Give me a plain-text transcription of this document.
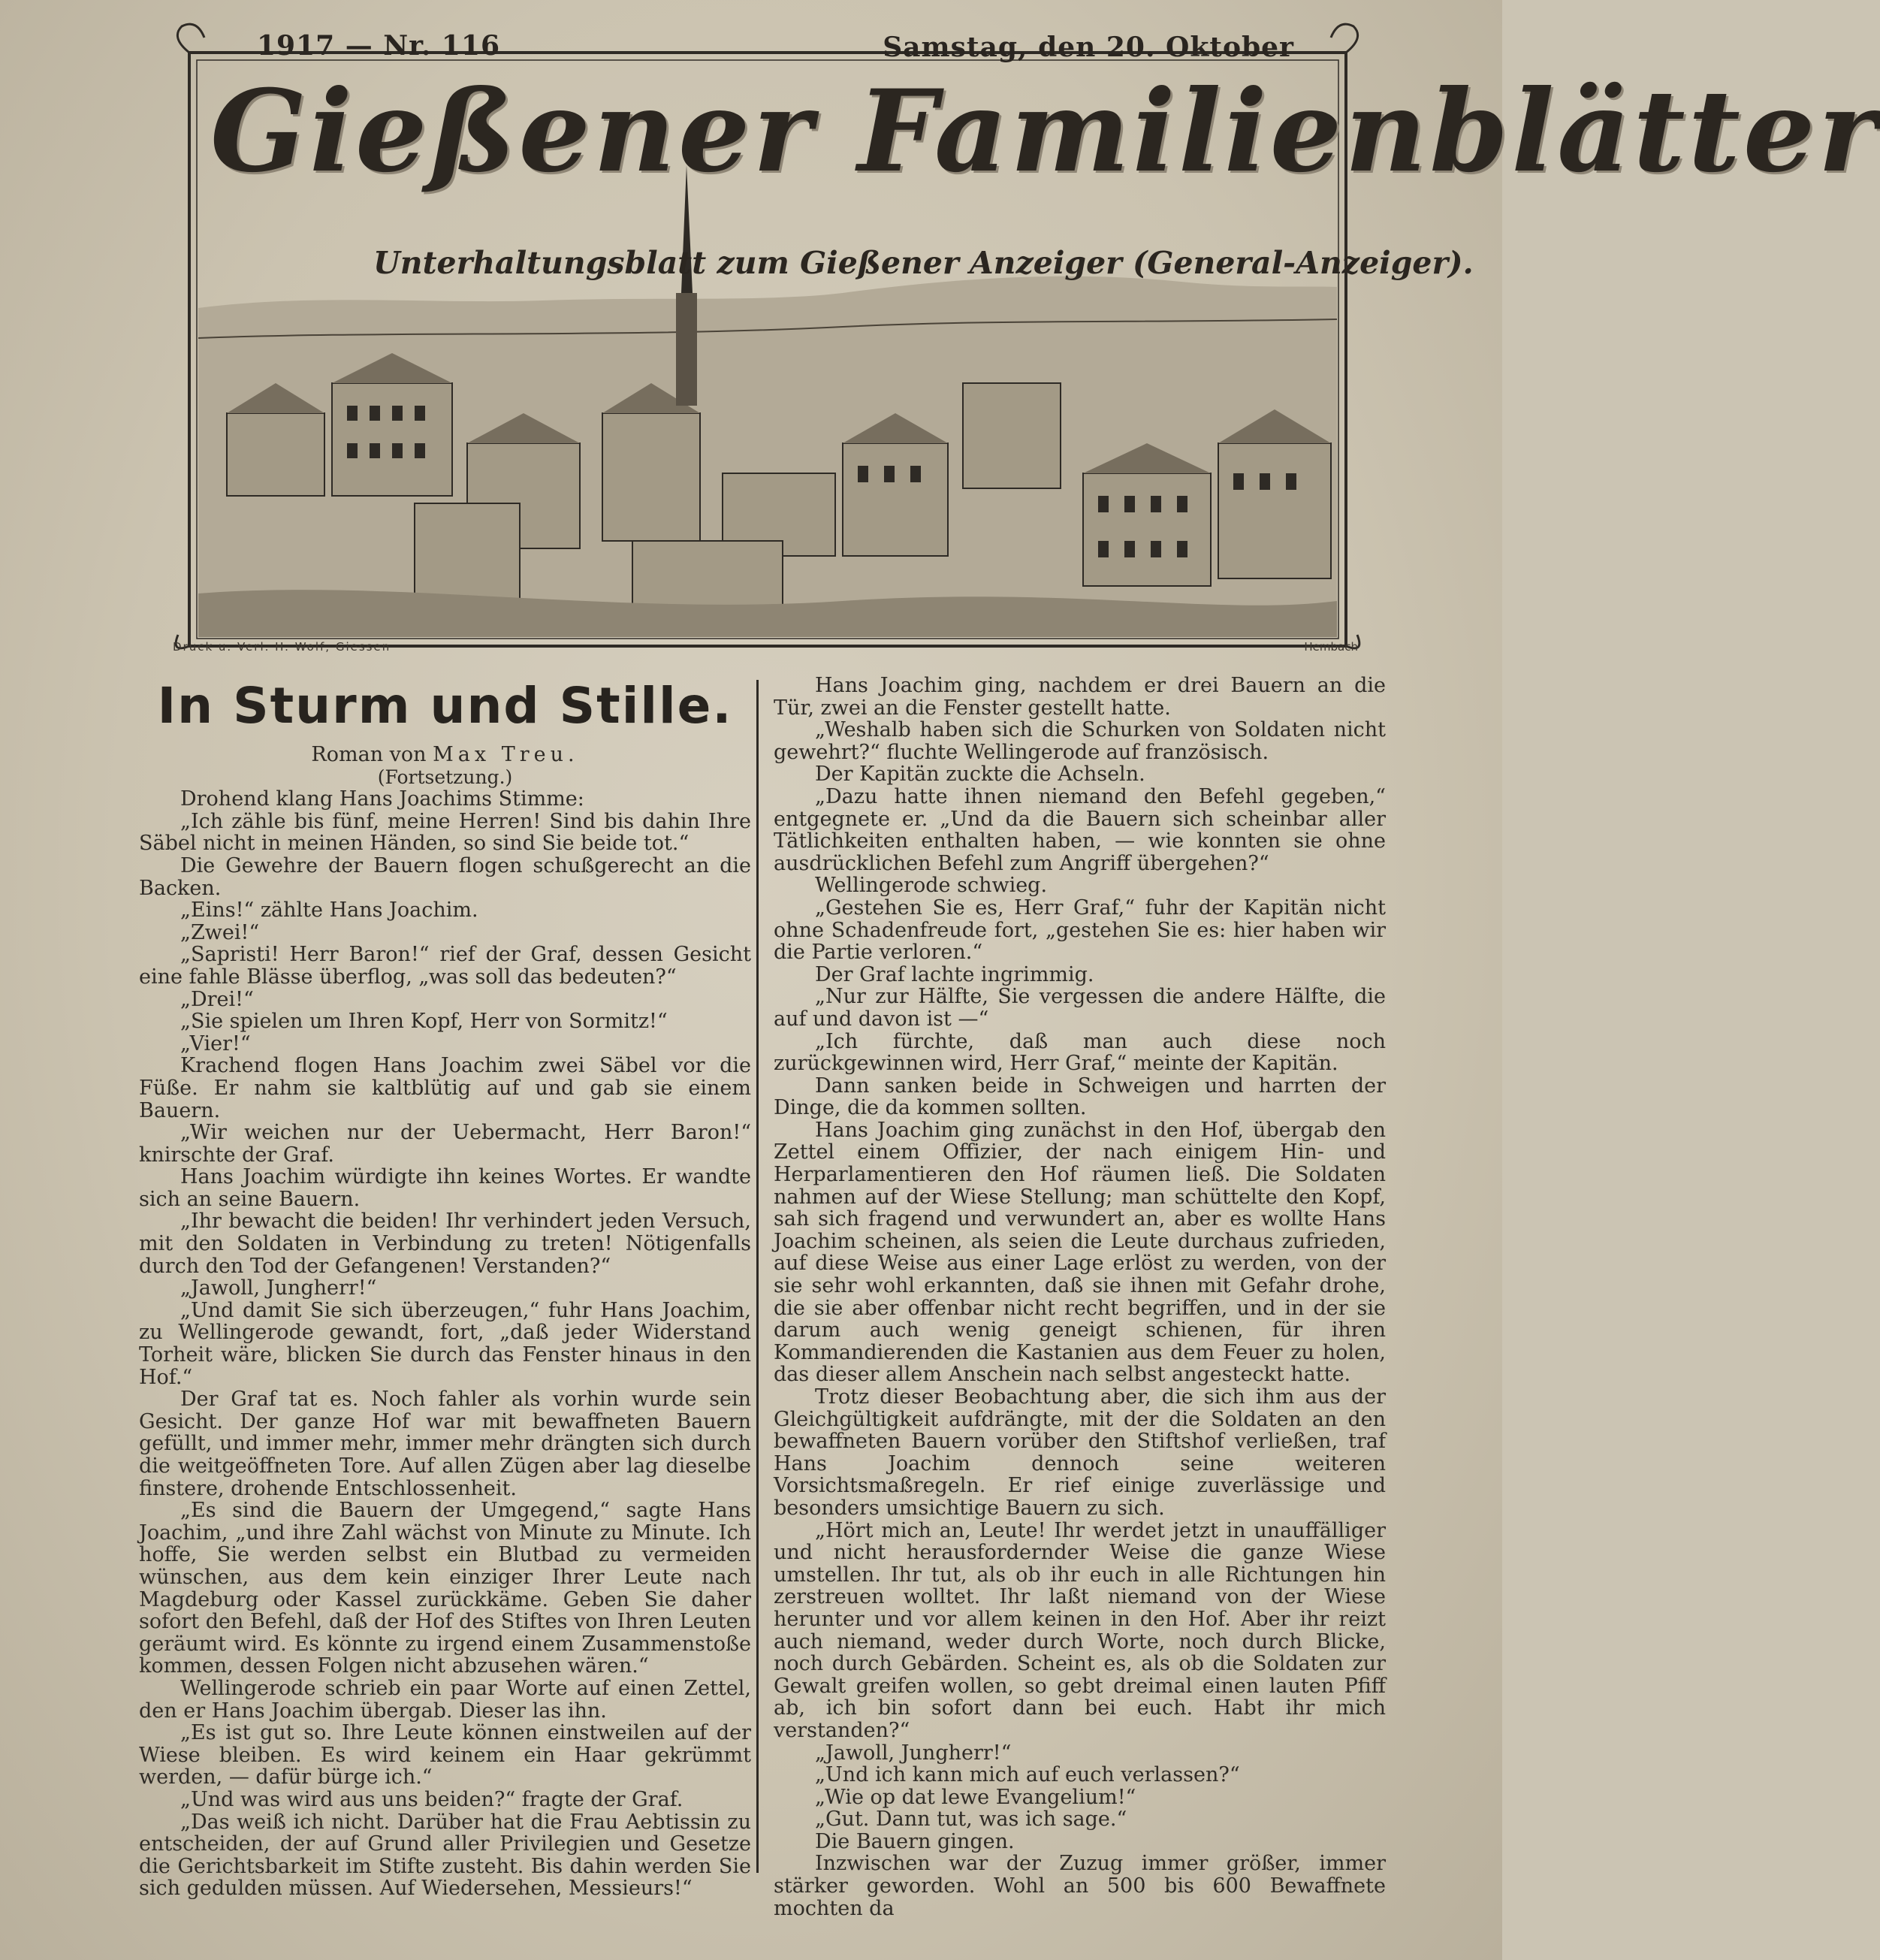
1917 — Nr. 116	Samstag, den 20. Oktober
Gießener Familienblätter
Unterhaltungsblatt zum Gießener Anzeiger (General-Anzeiger).
Druck u. Verl. H. Wolf, Giessen	Hembach
In Sturm und Stille.

Roman von Max Treu.

(Fortsetzung.)

Drohend klang Hans Joachims Stimme:

„Ich zähle bis fünf, meine Herren! Sind bis dahin Ihre Säbel nicht in meinen Händen, so sind Sie beide tot.“

Die Gewehre der Bauern flogen schußgerecht an die Backen.

„Eins!“ zählte Hans Joachim.

„Zwei!“

„Sapristi! Herr Baron!“ rief der Graf, dessen Gesicht eine fahle Blässe überflog, „was soll das bedeuten?“

„Drei!“

„Sie spielen um Ihren Kopf, Herr von Sormitz!“

„Vier!“

Krachend flogen Hans Joachim zwei Säbel vor die Füße. Er nahm sie kaltblütig auf und gab sie einem Bauern.

„Wir weichen nur der Uebermacht, Herr Baron!“ knirschte der Graf.

Hans Joachim würdigte ihn keines Wortes. Er wandte sich an seine Bauern.

„Ihr bewacht die beiden! Ihr verhindert jeden Versuch, mit den Soldaten in Verbindung zu treten! Nötigenfalls durch den Tod der Gefangenen! Verstanden?“

„Jawoll, Jungherr!“

„Und damit Sie sich überzeugen,“ fuhr Hans Joachim, zu Wellingerode gewandt, fort, „daß jeder Widerstand Torheit wäre, blicken Sie durch das Fenster hinaus in den Hof.“

Der Graf tat es. Noch fahler als vorhin wurde sein Gesicht. Der ganze Hof war mit bewaffneten Bauern gefüllt, und immer mehr, immer mehr drängten sich durch die weitgeöffneten Tore. Auf allen Zügen aber lag dieselbe finstere, drohende Entschlossenheit.

„Es sind die Bauern der Umgegend,“ sagte Hans Joachim, „und ihre Zahl wächst von Minute zu Minute. Ich hoffe, Sie werden selbst ein Blutbad zu vermeiden wünschen, aus dem kein einziger Ihrer Leute nach Magdeburg oder Kassel zurückkäme. Geben Sie daher sofort den Befehl, daß der Hof des Stiftes von Ihren Leuten geräumt wird. Es könnte zu irgend einem Zusammenstoße kommen, dessen Folgen nicht abzusehen wären.“

Wellingerode schrieb ein paar Worte auf einen Zettel, den er Hans Joachim übergab. Dieser las ihn.

„Es ist gut so. Ihre Leute können einstweilen auf der Wiese bleiben. Es wird keinem ein Haar gekrümmt werden, — dafür bürge ich.“

„Und was wird aus uns beiden?“ fragte der Graf.

„Das weiß ich nicht. Darüber hat die Frau Aebtissin zu entscheiden, der auf Grund aller Privilegien und Gesetze die Gerichtsbarkeit im Stifte zusteht. Bis dahin werden Sie sich gedulden müssen. Auf Wiedersehen, Messieurs!“

Hans Joachim ging, nachdem er drei Bauern an die Tür, zwei an die Fenster gestellt hatte.

„Weshalb haben sich die Schurken von Soldaten nicht gewehrt?“ fluchte Wellingerode auf französisch.

Der Kapitän zuckte die Achseln.

„Dazu hatte ihnen niemand den Befehl gegeben,“ entgegnete er. „Und da die Bauern sich scheinbar aller Tätlichkeiten enthalten haben, — wie konnten sie ohne ausdrücklichen Befehl zum Angriff übergehen?“

Wellingerode schwieg.

„Gestehen Sie es, Herr Graf,“ fuhr der Kapitän nicht ohne Schadenfreude fort, „gestehen Sie es: hier haben wir die Partie verloren.“

Der Graf lachte ingrimmig.

„Nur zur Hälfte, Sie vergessen die andere Hälfte, die auf und davon ist —“

„Ich fürchte, daß man auch diese noch zurückgewinnen wird, Herr Graf,“ meinte der Kapitän.

Dann sanken beide in Schweigen und harrten der Dinge, die da kommen sollten.

Hans Joachim ging zunächst in den Hof, übergab den Zettel einem Offizier, der nach einigem Hin- und Herparlamentieren den Hof räumen ließ. Die Soldaten nahmen auf der Wiese Stellung; man schüttelte den Kopf, sah sich fragend und verwundert an, aber es wollte Hans Joachim scheinen, als seien die Leute durchaus zufrieden, auf diese Weise aus einer Lage erlöst zu werden, von der sie sehr wohl erkannten, daß sie ihnen mit Gefahr drohe, die sie aber offenbar nicht recht begriffen, und in der sie darum auch wenig geneigt schienen, für ihren Kommandierenden die Kastanien aus dem Feuer zu holen, das dieser allem Anschein nach selbst angesteckt hatte.

Trotz dieser Beobachtung aber, die sich ihm aus der Gleichgültigkeit aufdrängte, mit der die Soldaten an den bewaffneten Bauern vorüber den Stiftshof verließen, traf Hans Joachim dennoch seine weiteren Vorsichtsmaßregeln. Er rief einige zuverlässige und besonders umsichtige Bauern zu sich.

„Hört mich an, Leute! Ihr werdet jetzt in unauffälliger und nicht herausfordernder Weise die ganze Wiese umstellen. Ihr tut, als ob ihr euch in alle Richtungen hin zerstreuen wolltet. Ihr laßt niemand von der Wiese herunter und vor allem keinen in den Hof. Aber ihr reizt auch niemand, weder durch Worte, noch durch Blicke, noch durch Gebärden. Scheint es, als ob die Soldaten zur Gewalt greifen wollen, so gebt dreimal einen lauten Pfiff ab, ich bin sofort dann bei euch. Habt ihr mich verstanden?“

„Jawoll, Jungherr!“

„Und ich kann mich auf euch verlassen?“

„Wie op dat lewe Evangelium!“

„Gut. Dann tut, was ich sage.“

Die Bauern gingen.

Inzwischen war der Zuzug immer größer, immer stärker geworden. Wohl an 500 bis 600 Bewaffnete mochten da
